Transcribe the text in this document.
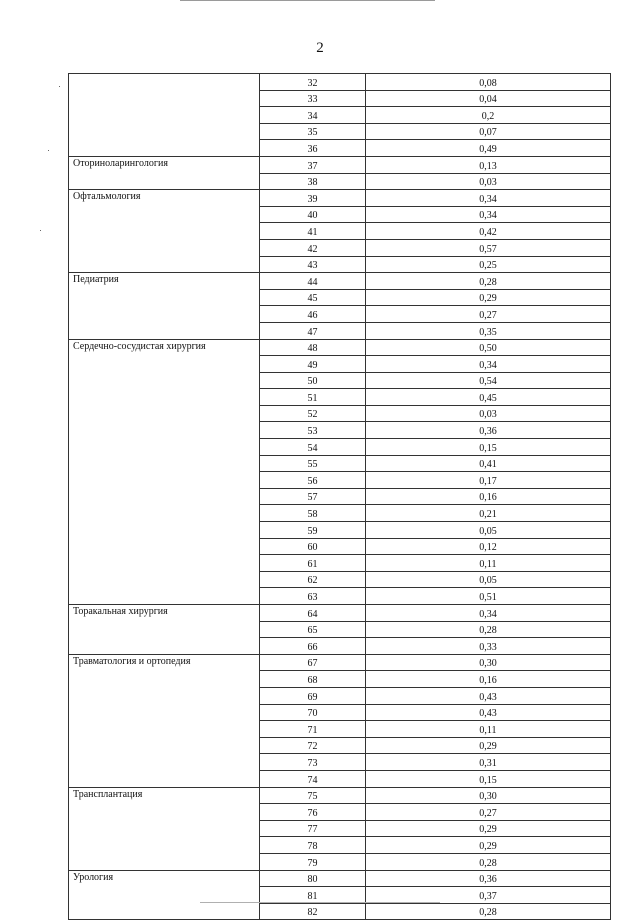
2
	32	0,08
	33	0,04
	34	0,2
	35	0,07
	36	0,49
Оториноларингология	37	0,13
	38	0,03
Офтальмология	39	0,34
	40	0,34
	41	0,42
	42	0,57
	43	0,25
Педиатрия	44	0,28
	45	0,29
	46	0,27
	47	0,35
Сердечно-сосудистая хирургия	48	0,50
	49	0,34
	50	0,54
	51	0,45
	52	0,03
	53	0,36
	54	0,15
	55	0,41
	56	0,17
	57	0,16
	58	0,21
	59	0,05
	60	0,12
	61	0,11
	62	0,05
	63	0,51
Торакальная хирургия	64	0,34
	65	0,28
	66	0,33
Травматология и ортопедия	67	0,30
	68	0,16
	69	0,43
	70	0,43
	71	0,11
	72	0,29
	73	0,31
	74	0,15
Трансплантация	75	0,30
	76	0,27
	77	0,29
	78	0,29
	79	0,28
Урология	80	0,36
	81	0,37
	82	0,28
